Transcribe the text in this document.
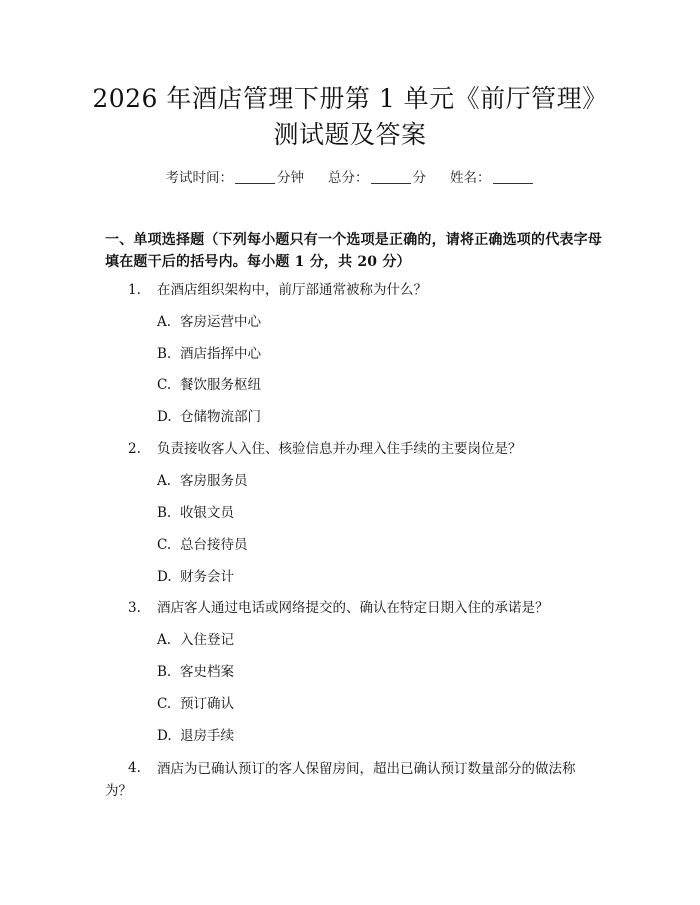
2026 年酒店管理下册第 1 单元《前厅管理》
测试题及答案
考试时间：	分钟 总分：	分 姓名：
一、单项选择题（下列每小题只有一个选项是正确的，请将正确选项的代表字母填在题干后的括号内。每小题 1 分，共 20 分）
1.	在酒店组织架构中，前厅部通常被称为什么？
A. 客房运营中心
B. 酒店指挥中心
C. 餐饮服务枢纽
D. 仓储物流部门
2.	负责接收客人入住、核验信息并办理入住手续的主要岗位是？
A. 客房服务员
B. 收银文员
C. 总台接待员
D. 财务会计
3.	酒店客人通过电话或网络提交的、确认在特定日期入住的承诺是？
A. 入住登记
B. 客史档案
C. 预订确认
D. 退房手续
4.	酒店为已确认预订的客人保留房间，超出已确认预订数量部分的做法称为？
